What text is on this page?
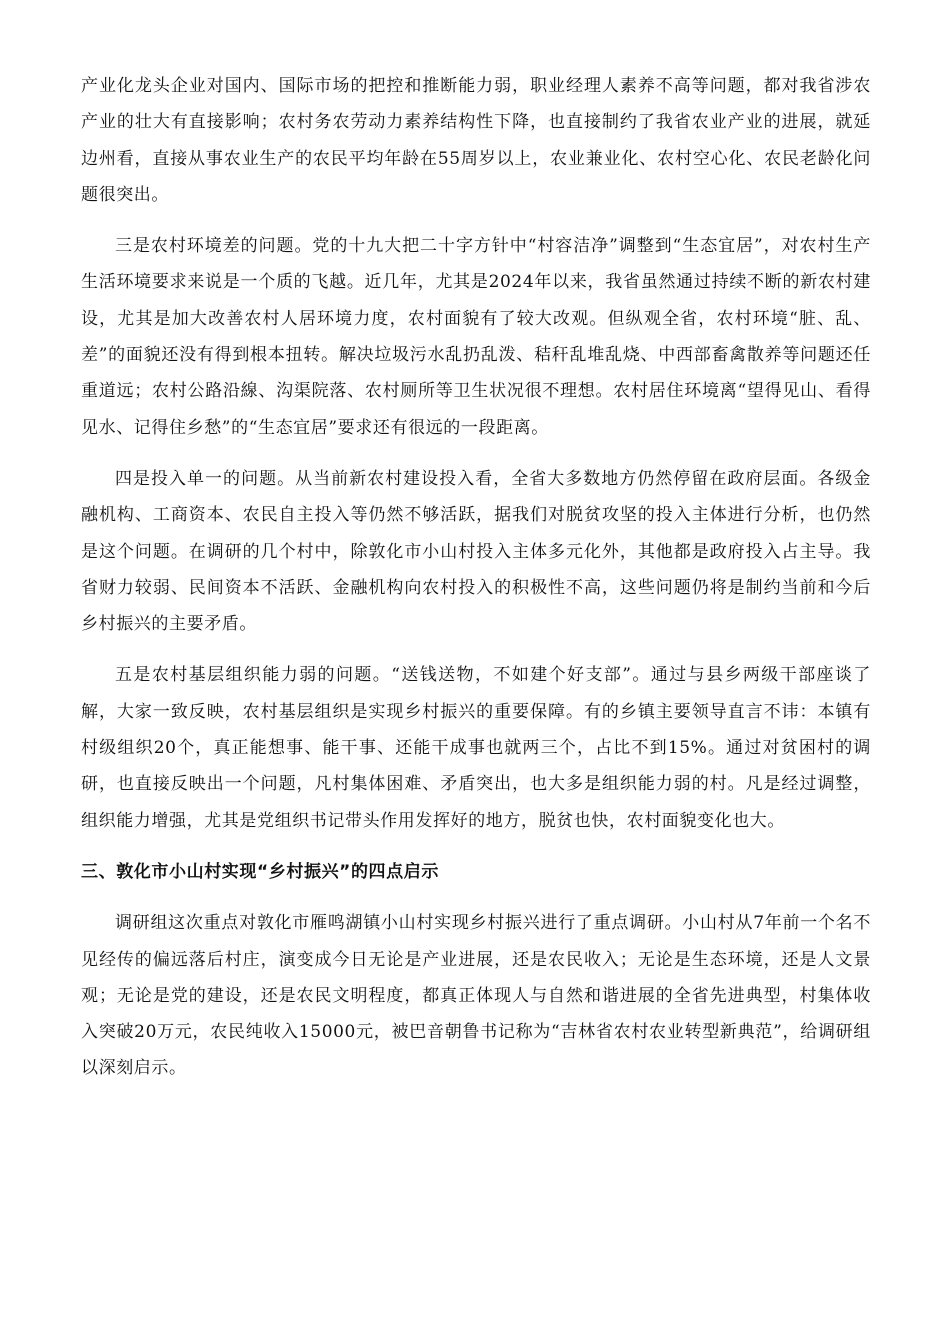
产业化龙头企业对国内、国际市场的把控和推断能力弱，职业经理人素养不高等问题，都对我省涉农产业的壮大有直接影响；农村务农劳动力素养结构性下降，也直接制约了我省农业产业的进展，就延边州看，直接从事农业生产的农民平均年龄在55周岁以上，农业兼业化、农村空心化、农民老龄化问题很突出。

三是农村环境差的问题。党的十九大把二十字方针中“村容洁净”调整到“生态宜居”，对农村生产生活环境要求来说是一个质的飞越。近几年，尤其是2024年以来，我省虽然通过持续不断的新农村建设，尤其是加大改善农村人居环境力度，农村面貌有了较大改观。但纵观全省，农村环境“脏、乱、差”的面貌还没有得到根本扭转。解决垃圾污水乱扔乱泼、秸秆乱堆乱烧、中西部畜禽散养等问题还任重道远；农村公路沿線、沟渠院落、农村厕所等卫生状况很不理想。农村居住环境离“望得见山、看得见水、记得住乡愁”的“生态宜居”要求还有很远的一段距离。

四是投入单一的问题。从当前新农村建设投入看，全省大多数地方仍然停留在政府层面。各级金融机构、工商资本、农民自主投入等仍然不够活跃，据我们对脱贫攻坚的投入主体进行分析，也仍然是这个问题。在调研的几个村中，除敦化市小山村投入主体多元化外，其他都是政府投入占主导。我省财力较弱、民间资本不活跃、金融机构向农村投入的积极性不高，这些问题仍将是制约当前和今后乡村振兴的主要矛盾。

五是农村基层组织能力弱的问题。“送钱送物，不如建个好支部”。通过与县乡两级干部座谈了解，大家一致反映，农村基层组织是实现乡村振兴的重要保障。有的乡镇主要领导直言不讳：本镇有村级组织20个，真正能想事、能干事、还能干成事也就两三个，占比不到15%。通过对贫困村的调研，也直接反映出一个问题，凡村集体困难、矛盾突出，也大多是组织能力弱的村。凡是经过调整，组织能力增强，尤其是党组织书记带头作用发挥好的地方，脱贫也快，农村面貌变化也大。

三、敦化市小山村实现“乡村振兴”的四点启示

调研组这次重点对敦化市雁鸣湖镇小山村实现乡村振兴进行了重点调研。小山村从7年前一个名不见经传的偏远落后村庄，演变成今日无论是产业进展，还是农民收入；无论是生态环境，还是人文景观；无论是党的建设，还是农民文明程度，都真正体现人与自然和谐进展的全省先进典型，村集体收入突破20万元，农民纯收入15000元，被巴音朝鲁书记称为“吉林省农村农业转型新典范”，给调研组以深刻启示。
